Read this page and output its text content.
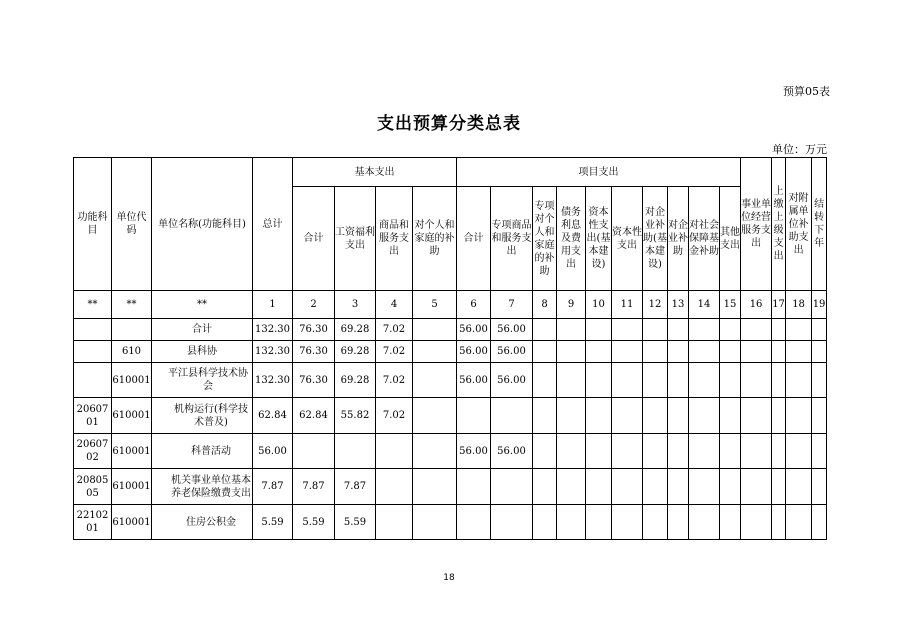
预算05表
支出预算分类总表
单位：万元
功能科目	单位代码	单位名称(功能科目)	总计	基本支出				项目支出										事业单位经营服务支出	上缴上级支出	对附属单位补助支出	结转下年
				合计	工资福利支出	商品和服务支出	对个人和家庭的补助	合计	专项商品和服务支出	专项对个人和家庭的补助	债务利息及费用支出	资本性支出(基本建设)	资本性支出	对企业补助(基本建设)	对企业补助	对社会保障基金补助	其他支出				
**	**	**	1	2	3	4	5	6	7	8	9	10	11	12	13	14	15	16	17	18	19
		合计	132.30	76.30	69.28	7.02		56.00	56.00												
	610	县科协	132.30	76.30	69.28	7.02		56.00	56.00												
	610001	平江县科学技术协会	132.30	76.30	69.28	7.02		56.00	56.00												
2060701	610001	机构运行(科学技术普及)	62.84	62.84	55.82	7.02															
2060702	610001	科普活动	56.00					56.00	56.00												
2080505	610001	机关事业单位基本养老保险缴费支出	7.87	7.87	7.87																
2210201	610001	住房公积金	5.59	5.59	5.59																
18
